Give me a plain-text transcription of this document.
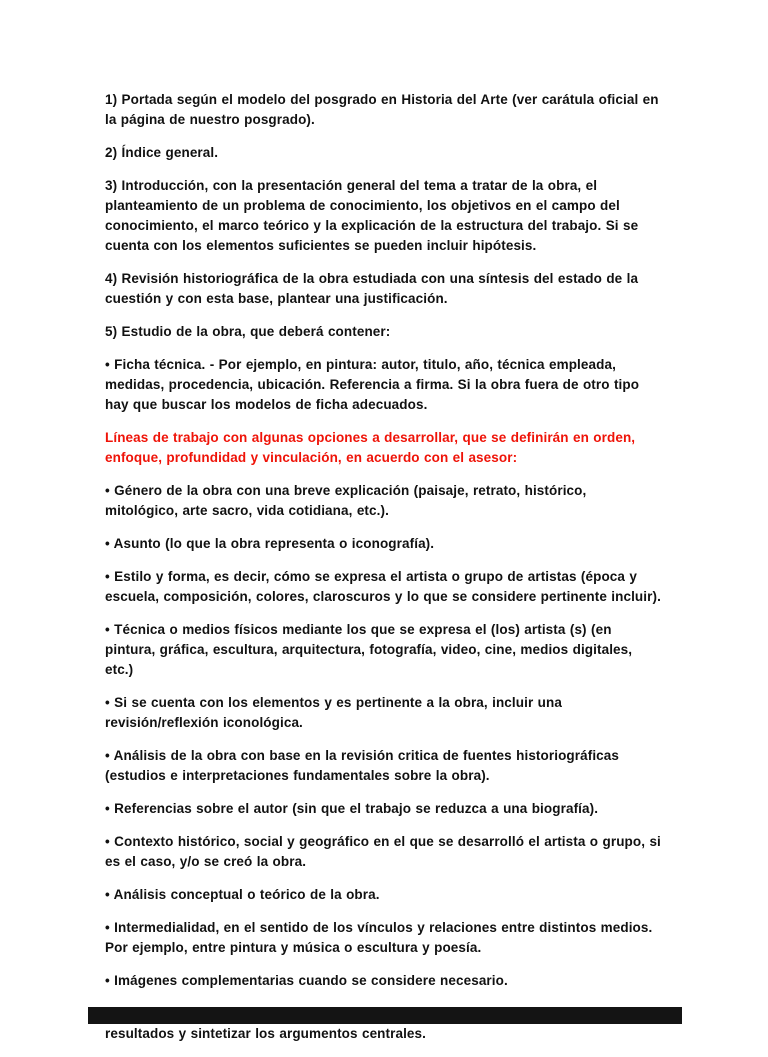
1) Portada según el modelo del posgrado en Historia del Arte (ver carátula oficial en la página de nuestro posgrado).

2) Índice general.

3) Introducción, con la presentación general del tema a tratar de la obra, el planteamiento de un problema de conocimiento, los objetivos en el campo del conocimiento, el marco teórico y la explicación de la estructura del trabajo. Si se cuenta con los elementos suficientes se pueden incluir hipótesis.

4) Revisión historiográfica de la obra estudiada con una síntesis del estado de la cuestión y con esta base, plantear una justificación.

5) Estudio de la obra, que deberá contener:

• Ficha técnica. - Por ejemplo, en pintura: autor, titulo, año, técnica empleada, medidas, procedencia, ubicación. Referencia a firma. Si la obra fuera de otro tipo hay que buscar los modelos de ficha adecuados.

Líneas de trabajo con algunas opciones a desarrollar, que se definirán en orden, enfoque, profundidad y vinculación, en acuerdo con el asesor:

• Género de la obra con una breve explicación (paisaje, retrato, histórico, mitológico, arte sacro, vida cotidiana, etc.).

• Asunto (lo que la obra representa o iconografía).

• Estilo y forma, es decir, cómo se expresa el artista o grupo de artistas (época y escuela, composición, colores, claroscuros y lo que se considere pertinente incluir).

• Técnica o medios físicos mediante los que se expresa el (los) artista (s) (en pintura, gráfica, escultura, arquitectura, fotografía, video, cine, medios digitales, etc.)

• Si se cuenta con los elementos y es pertinente a la obra, incluir una revisión/reflexión iconológica.

• Análisis de la obra con base en la revisión critica de fuentes historiográficas (estudios e interpretaciones fundamentales sobre la obra).

• Referencias sobre el autor (sin que el trabajo se reduzca a una biografía).

• Contexto histórico, social y geográfico en el que se desarrolló el artista o grupo, si es el caso, y/o se creó la obra.

• Análisis conceptual o teórico de la obra.

• Intermedialidad, en el sentido de los vínculos y relaciones entre distintos medios. Por ejemplo, entre pintura y música o escultura y poesía.

• Imágenes complementarias cuando se considere necesario.

resultados y sintetizar los argumentos centrales.
